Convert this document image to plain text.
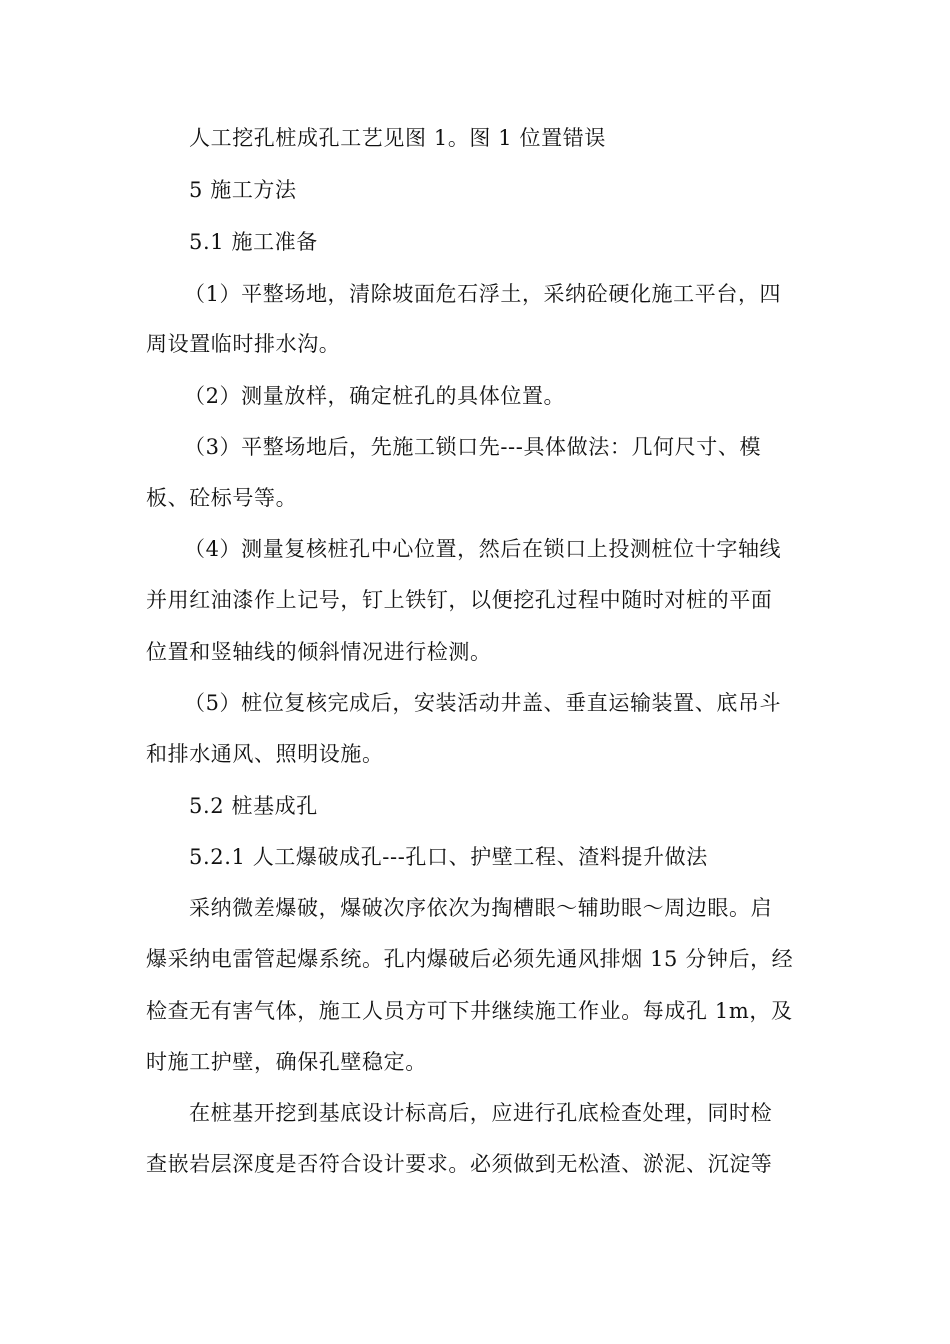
人工挖孔桩成孔工艺见图 1。图 1 位置错误
5 施工方法
5.1 施工准备
（1）平整场地，清除坡面危石浮土，采纳砼硬化施工平台，四
周设置临时排水沟。
（2）测量放样，确定桩孔的具体位置。
（3）平整场地后，先施工锁口先---具体做法：几何尺寸、模
板、砼标号等。
（4）测量复核桩孔中心位置，然后在锁口上投测桩位十字轴线
并用红油漆作上记号，钉上铁钉，以便挖孔过程中随时对桩的平面
位置和竖轴线的倾斜情况进行检测。
（5）桩位复核完成后，安装活动井盖、垂直运输装置、底吊斗
和排水通风、照明设施。
5.2 桩基成孔
5.2.1 人工爆破成孔---孔口、护壁工程、渣料提升做法
采纳微差爆破，爆破次序依次为掏槽眼～辅助眼～周边眼。启
爆采纳电雷管起爆系统。孔内爆破后必须先通风排烟 15 分钟后，经
检查无有害气体，施工人员方可下井继续施工作业。每成孔 1m，及
时施工护壁，确保孔壁稳定。
在桩基开挖到基底设计标高后，应进行孔底检查处理，同时检
查嵌岩层深度是否符合设计要求。必须做到无松渣、淤泥、沉淀等
